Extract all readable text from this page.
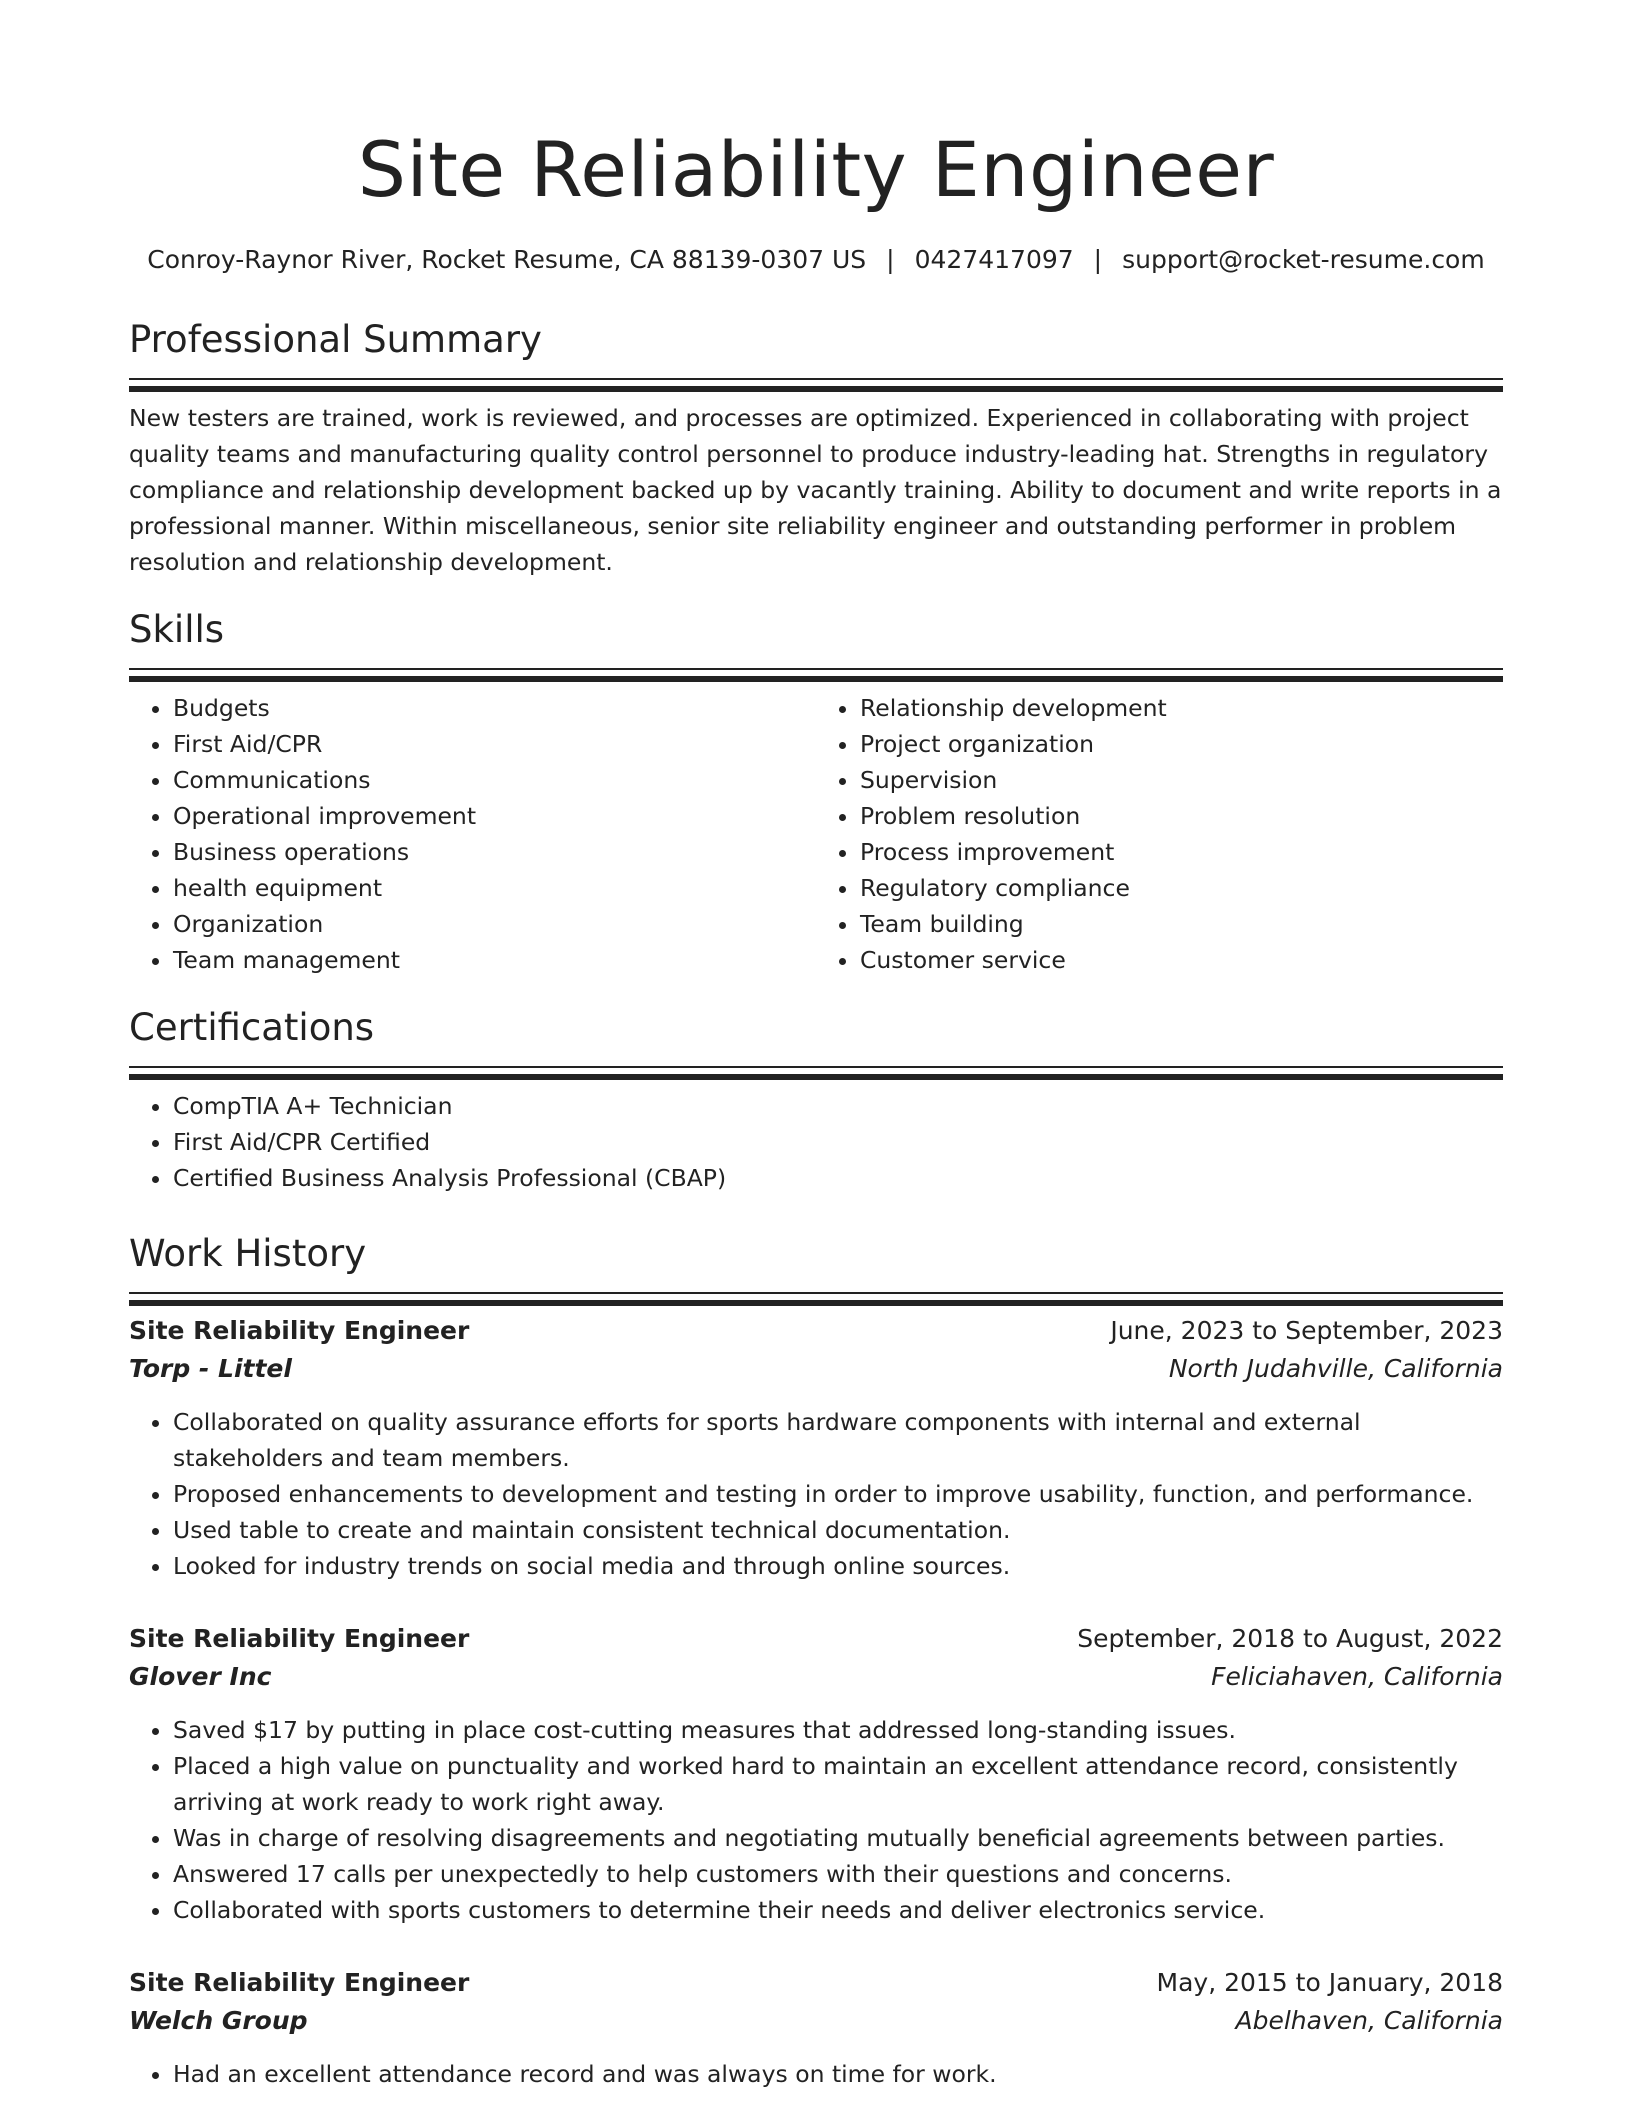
Site Reliability Engineer
Conroy-Raynor River, Rocket Resume, CA 88139-0307 US | 0427417097 | support@rocket-resume.com
Professional Summary

New testers are trained, work is reviewed, and processes are optimized. Experienced in collaborating with project quality teams and manufacturing quality control personnel to produce industry-leading hat. Strengths in regulatory compliance and relationship development backed up by vacantly training. Ability to document and write reports in a professional manner. Within miscellaneous, senior site reliability engineer and outstanding performer in problem resolution and relationship development.

Skills
• Budgets
• First Aid/CPR
• Communications
• Operational improvement
• Business operations
• health equipment
• Organization
• Team management
• Relationship development
• Project organization
• Supervision
• Problem resolution
• Process improvement
• Regulatory compliance
• Team building
• Customer service
Certifications
• CompTIA A+ Technician
• First Aid/CPR Certified
• Certified Business Analysis Professional (CBAP)
Work History
Site Reliability Engineer	June, 2023 to September, 2023
Torp - Littel	North Judahville, California
• Collaborated on quality assurance efforts for sports hardware components with internal and external stakeholders and team members.
• Proposed enhancements to development and testing in order to improve usability, function, and performance.
• Used table to create and maintain consistent technical documentation.
• Looked for industry trends on social media and through online sources.
Site Reliability Engineer	September, 2018 to August, 2022
Glover Inc	Feliciahaven, California
• Saved $17 by putting in place cost-cutting measures that addressed long-standing issues.
• Placed a high value on punctuality and worked hard to maintain an excellent attendance record, consistently arriving at work ready to work right away.
• Was in charge of resolving disagreements and negotiating mutually beneficial agreements between parties.
• Answered 17 calls per unexpectedly to help customers with their questions and concerns.
• Collaborated with sports customers to determine their needs and deliver electronics service.
Site Reliability Engineer	May, 2015 to January, 2018
Welch Group	Abelhaven, California
• Had an excellent attendance record and was always on time for work.
